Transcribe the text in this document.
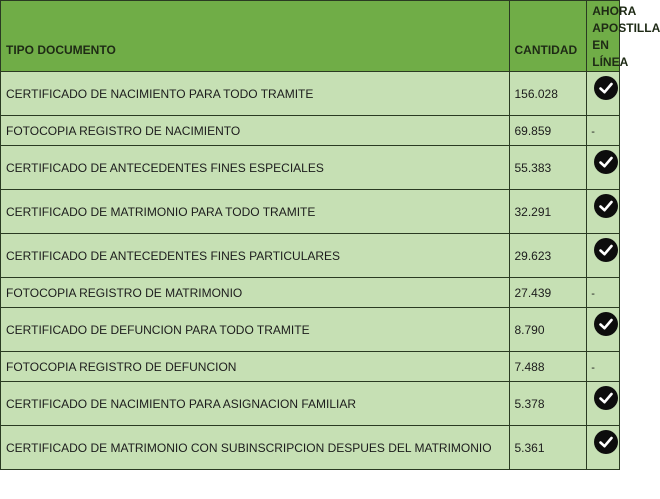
TIPO DOCUMENTO	CANTIDAD	AHORA APOSTILLA EN LÍNEA
CERTIFICADO DE NACIMIENTO PARA TODO TRAMITE	156.028	

FOTOCOPIA REGISTRO DE NACIMIENTO	69.859	-
CERTIFICADO DE ANTECEDENTES FINES ESPECIALES	55.383	

CERTIFICADO DE MATRIMONIO PARA TODO TRAMITE	32.291	

CERTIFICADO DE ANTECEDENTES FINES PARTICULARES	29.623	

FOTOCOPIA REGISTRO DE MATRIMONIO	27.439	-
CERTIFICADO DE DEFUNCION PARA TODO TRAMITE	8.790	

FOTOCOPIA REGISTRO DE DEFUNCION	7.488	-
CERTIFICADO DE NACIMIENTO PARA ASIGNACION FAMILIAR	5.378	

CERTIFICADO DE MATRIMONIO CON SUBINSCRIPCION DESPUES DEL MATRIMONIO	5.361	
